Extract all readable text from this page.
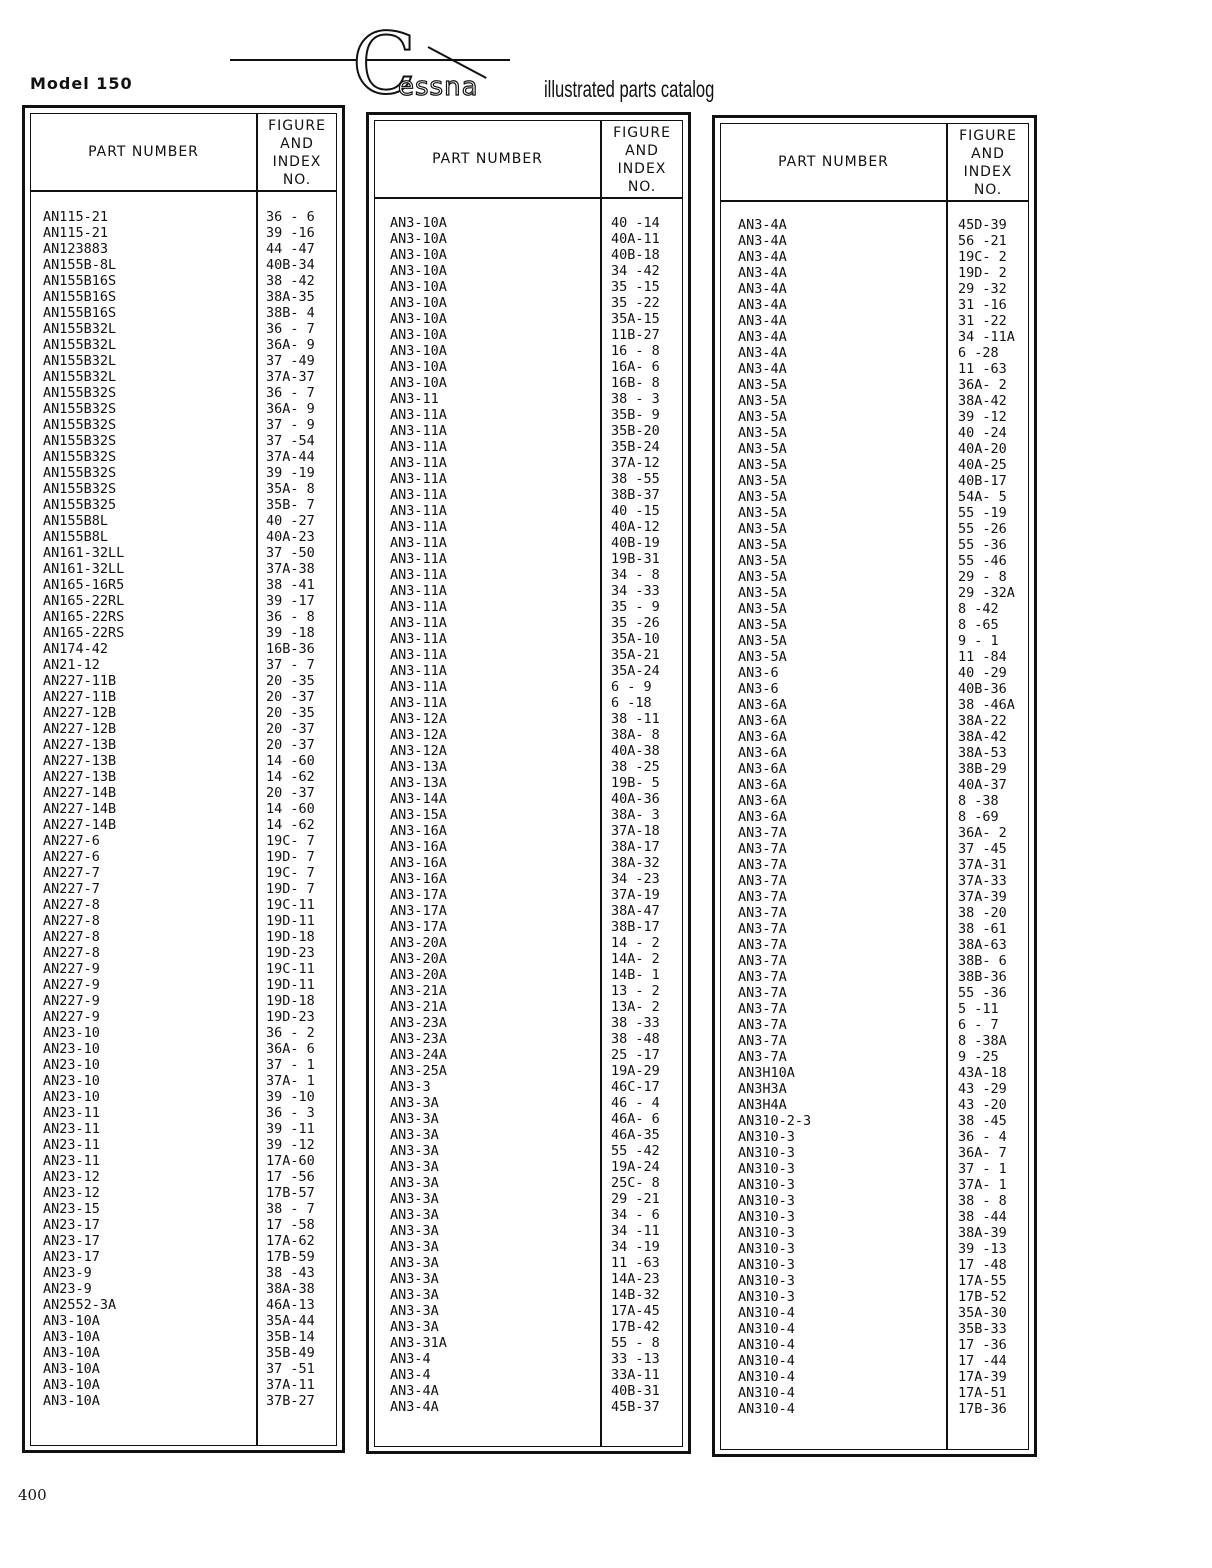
Model 150	C
essna	illustrated parts catalog
PART NUMBER
FIGURE
AND
INDEX
NO.
AN115-21	36 - 6
AN115-21	39 -16
AN123883	44 -47
AN155B-8L	40B-34
AN155B16S	38 -42
AN155B16S	38A-35
AN155B16S	38B- 4
AN155B32L	36 - 7
AN155B32L	36A- 9
AN155B32L	37 -49
AN155B32L	37A-37
AN155B32S	36 - 7
AN155B32S	36A- 9
AN155B32S	37 - 9
AN155B32S	37 -54
AN155B32S	37A-44
AN155B32S	39 -19
AN155B32S	35A- 8
AN155B325	35B- 7
AN155B8L	40 -27
AN155B8L	40A-23
AN161-32LL	37 -50
AN161-32LL	37A-38
AN165-16R5	38 -41
AN165-22RL	39 -17
AN165-22RS	36 - 8
AN165-22RS	39 -18
AN174-42	16B-36
AN21-12	37 - 7
AN227-11B	20 -35
AN227-11B	20 -37
AN227-12B	20 -35
AN227-12B	20 -37
AN227-13B	20 -37
AN227-13B	14 -60
AN227-13B	14 -62
AN227-14B	20 -37
AN227-14B	14 -60
AN227-14B	14 -62
AN227-6	19C- 7
AN227-6	19D- 7
AN227-7	19C- 7
AN227-7	19D- 7
AN227-8	19C-11
AN227-8	19D-11
AN227-8	19D-18
AN227-8	19D-23
AN227-9	19C-11
AN227-9	19D-11
AN227-9	19D-18
AN227-9	19D-23
AN23-10	36 - 2
AN23-10	36A- 6
AN23-10	37 - 1
AN23-10	37A- 1
AN23-10	39 -10
AN23-11	36 - 3
AN23-11	39 -11
AN23-11	39 -12
AN23-11	17A-60
AN23-12	17 -56
AN23-12	17B-57
AN23-15	38 - 7
AN23-17	17 -58
AN23-17	17A-62
AN23-17	17B-59
AN23-9	38 -43
AN23-9	38A-38
AN2552-3A	46A-13
AN3-10A	35A-44
AN3-10A	35B-14
AN3-10A	35B-49
AN3-10A	37 -51
AN3-10A	37A-11
AN3-10A	37B-27
PART NUMBER
FIGURE
AND
INDEX
NO.
AN3-10A	40 -14
AN3-10A	40A-11
AN3-10A	40B-18
AN3-10A	34 -42
AN3-10A	35 -15
AN3-10A	35 -22
AN3-10A	35A-15
AN3-10A	11B-27
AN3-10A	16 - 8
AN3-10A	16A- 6
AN3-10A	16B- 8
AN3-11	38 - 3
AN3-11A	35B- 9
AN3-11A	35B-20
AN3-11A	35B-24
AN3-11A	37A-12
AN3-11A	38 -55
AN3-11A	38B-37
AN3-11A	40 -15
AN3-11A	40A-12
AN3-11A	40B-19
AN3-11A	19B-31
AN3-11A	34 - 8
AN3-11A	34 -33
AN3-11A	35 - 9
AN3-11A	35 -26
AN3-11A	35A-10
AN3-11A	35A-21
AN3-11A	35A-24
AN3-11A	6 - 9
AN3-11A	6 -18
AN3-12A	38 -11
AN3-12A	38A- 8
AN3-12A	40A-38
AN3-13A	38 -25
AN3-13A	19B- 5
AN3-14A	40A-36
AN3-15A	38A- 3
AN3-16A	37A-18
AN3-16A	38A-17
AN3-16A	38A-32
AN3-16A	34 -23
AN3-17A	37A-19
AN3-17A	38A-47
AN3-17A	38B-17
AN3-20A	14 - 2
AN3-20A	14A- 2
AN3-20A	14B- 1
AN3-21A	13 - 2
AN3-21A	13A- 2
AN3-23A	38 -33
AN3-23A	38 -48
AN3-24A	25 -17
AN3-25A	19A-29
AN3-3	46C-17
AN3-3A	46 - 4
AN3-3A	46A- 6
AN3-3A	46A-35
AN3-3A	55 -42
AN3-3A	19A-24
AN3-3A	25C- 8
AN3-3A	29 -21
AN3-3A	34 - 6
AN3-3A	34 -11
AN3-3A	34 -19
AN3-3A	11 -63
AN3-3A	14A-23
AN3-3A	14B-32
AN3-3A	17A-45
AN3-3A	17B-42
AN3-31A	55 - 8
AN3-4	33 -13
AN3-4	33A-11
AN3-4A	40B-31
AN3-4A	45B-37
PART NUMBER
FIGURE
AND
INDEX
NO.
AN3-4A	45D-39
AN3-4A	56 -21
AN3-4A	19C- 2
AN3-4A	19D- 2
AN3-4A	29 -32
AN3-4A	31 -16
AN3-4A	31 -22
AN3-4A	34 -11A
AN3-4A	6 -28
AN3-4A	11 -63
AN3-5A	36A- 2
AN3-5A	38A-42
AN3-5A	39 -12
AN3-5A	40 -24
AN3-5A	40A-20
AN3-5A	40A-25
AN3-5A	40B-17
AN3-5A	54A- 5
AN3-5A	55 -19
AN3-5A	55 -26
AN3-5A	55 -36
AN3-5A	55 -46
AN3-5A	29 - 8
AN3-5A	29 -32A
AN3-5A	8 -42
AN3-5A	8 -65
AN3-5A	9 - 1
AN3-5A	11 -84
AN3-6	40 -29
AN3-6	40B-36
AN3-6A	38 -46A
AN3-6A	38A-22
AN3-6A	38A-42
AN3-6A	38A-53
AN3-6A	38B-29
AN3-6A	40A-37
AN3-6A	8 -38
AN3-6A	8 -69
AN3-7A	36A- 2
AN3-7A	37 -45
AN3-7A	37A-31
AN3-7A	37A-33
AN3-7A	37A-39
AN3-7A	38 -20
AN3-7A	38 -61
AN3-7A	38A-63
AN3-7A	38B- 6
AN3-7A	38B-36
AN3-7A	55 -36
AN3-7A	5 -11
AN3-7A	6 - 7
AN3-7A	8 -38A
AN3-7A	9 -25
AN3H10A	43A-18
AN3H3A	43 -29
AN3H4A	43 -20
AN310-2-3	38 -45
AN310-3	36 - 4
AN310-3	36A- 7
AN310-3	37 - 1
AN310-3	37A- 1
AN310-3	38 - 8
AN310-3	38 -44
AN310-3	38A-39
AN310-3	39 -13
AN310-3	17 -48
AN310-3	17A-55
AN310-3	17B-52
AN310-4	35A-30
AN310-4	35B-33
AN310-4	17 -36
AN310-4	17 -44
AN310-4	17A-39
AN310-4	17A-51
AN310-4	17B-36
400
